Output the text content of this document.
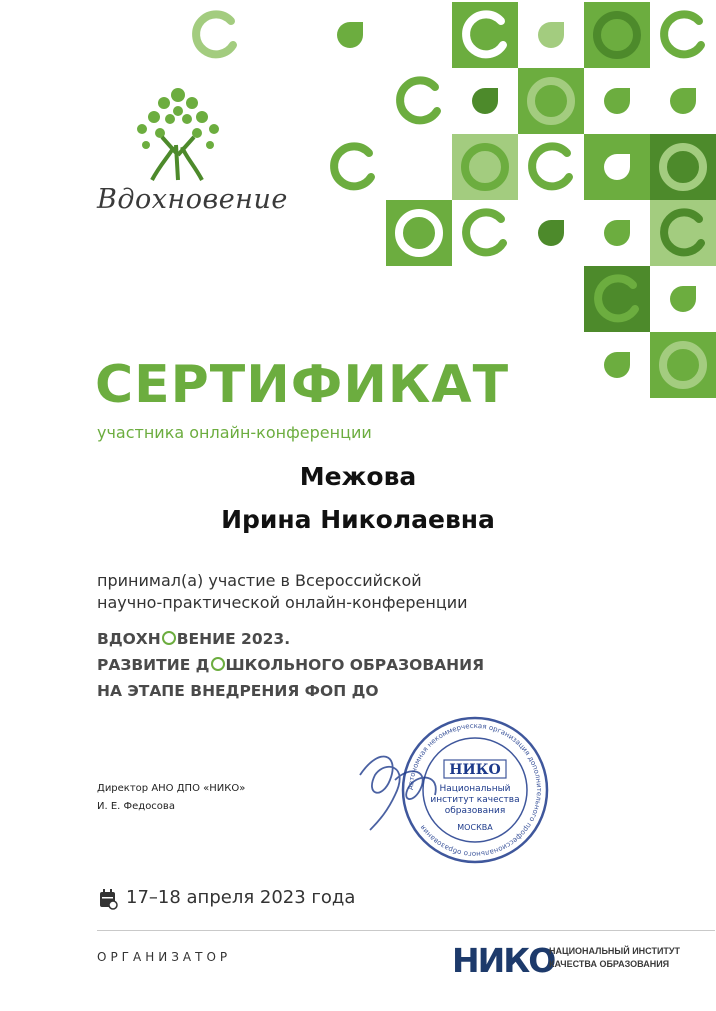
Вдохновение
СЕРТИФИКАТ
участника онлайн-конференции
Межова
Ирина Николаевна
принимал(а) участие в Всероссийской
научно-практической онлайн-конференции
ВДОХН ВЕНИЕ 2023.
РАЗВИТИЕ Д ШКОЛЬНОГО ОБРАЗОВАНИЯ
НА ЭТАПЕ ВНЕДРЕНИЯ ФОП ДО
Директор АНО ДПО «НИКО»
И. Е. Федосова
Автономная некоммерческая организация дополнительного профессионального образования
НИКО
Национальный
институт качества
образования
МОСКВА
17–18 апреля 2023 года
ОРГАНИЗАТОР	НИКО
НАЦИОНАЛЬНЫЙ ИНСТИТУТ
КАЧЕСТВА ОБРАЗОВАНИЯ
